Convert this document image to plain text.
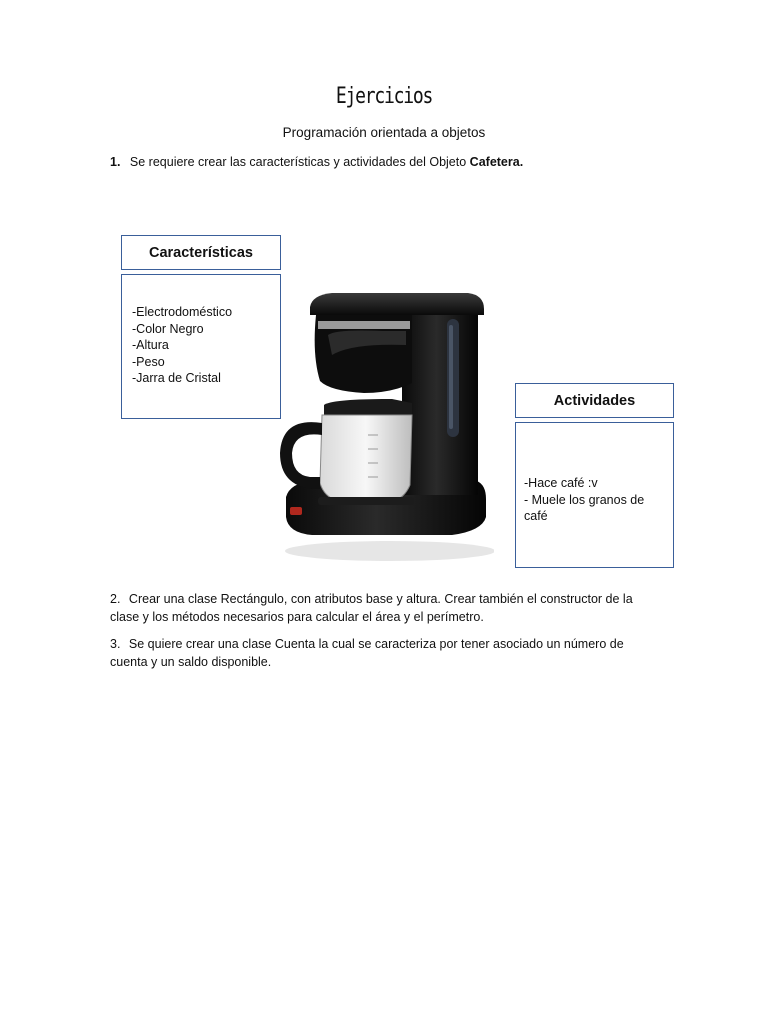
Ejercicios
Programación orientada a objetos
1. Se requiere crear las características y actividades del Objeto Cafetera.
Características
-Electrodoméstico
-Color Negro
-Altura
-Peso
-Jarra de Cristal
Actividades
-Hace café :v
- Muele los granos de café
2. Crear una clase Rectángulo, con atributos base y altura. Crear también el constructor de la clase y los métodos necesarios para calcular el área y el perímetro.
3. Se quiere crear una clase Cuenta la cual se caracteriza por tener asociado un número de cuenta y un saldo disponible.
